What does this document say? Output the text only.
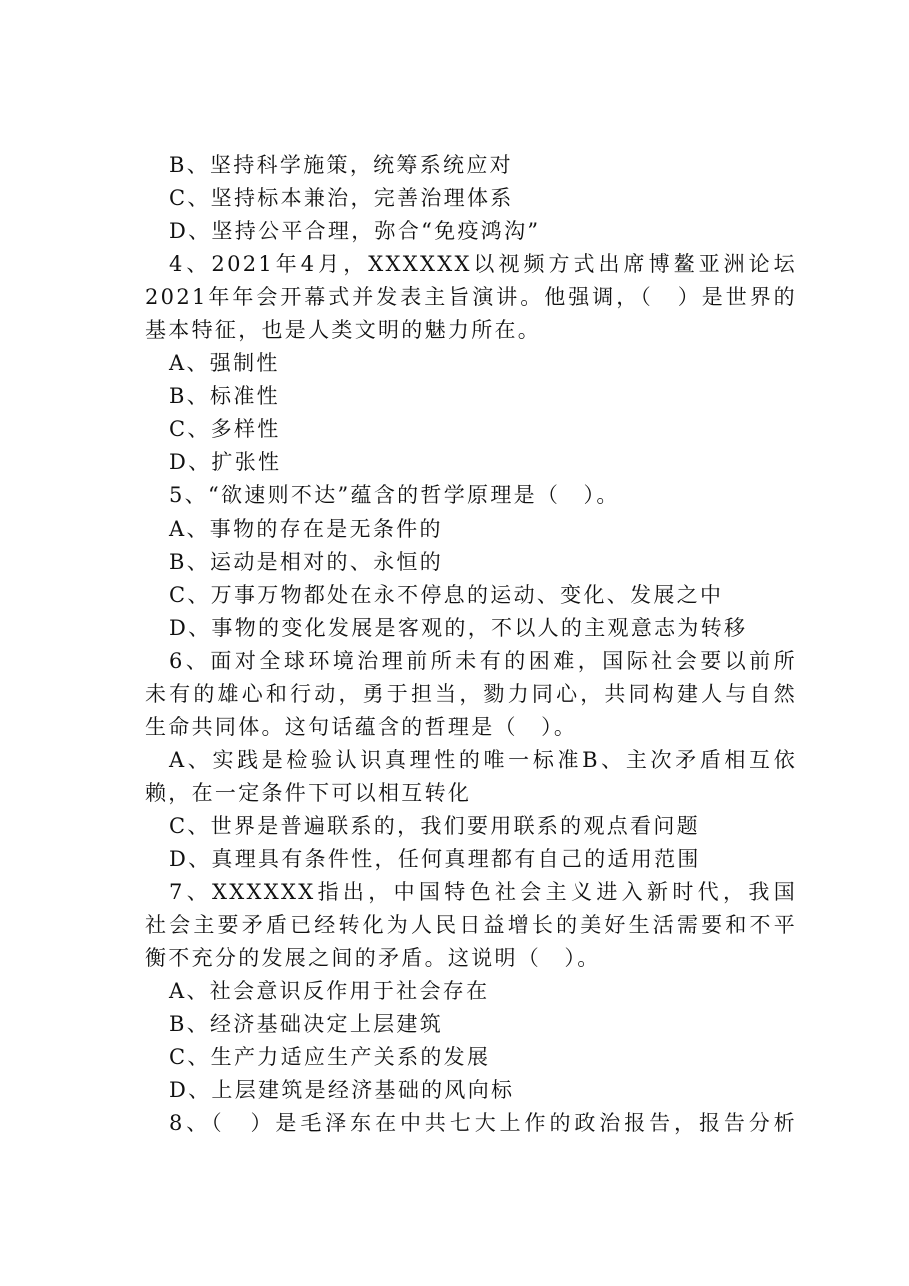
B、坚持科学施策，统筹系统应对
C、坚持标本兼治，完善治理体系
D、坚持公平合理，弥合“免疫鸿沟”
4、2021年4月，XXXXXX以视频方式出席博鳌亚洲论坛
2021年年会开幕式并发表主旨演讲。他强调，（　）是世界的
基本特征，也是人类文明的魅力所在。
A、强制性
B、标准性
C、多样性
D、扩张性
5、“欲速则不达”蕴含的哲学原理是（　）。
A、事物的存在是无条件的
B、运动是相对的、永恒的
C、万事万物都处在永不停息的运动、变化、发展之中
D、事物的变化发展是客观的，不以人的主观意志为转移
6、面对全球环境治理前所未有的困难，国际社会要以前所
未有的雄心和行动，勇于担当，勠力同心，共同构建人与自然
生命共同体。这句话蕴含的哲理是（　）。
A、实践是检验认识真理性的唯一标准B、主次矛盾相互依
赖，在一定条件下可以相互转化
C、世界是普遍联系的，我们要用联系的观点看问题
D、真理具有条件性，任何真理都有自己的适用范围
7、XXXXXX指出，中国特色社会主义进入新时代，我国
社会主要矛盾已经转化为人民日益增长的美好生活需要和不平
衡不充分的发展之间的矛盾。这说明（　）。
A、社会意识反作用于社会存在
B、经济基础决定上层建筑
C、生产力适应生产关系的发展
D、上层建筑是经济基础的风向标
8、（　）是毛泽东在中共七大上作的政治报告，报告分析
